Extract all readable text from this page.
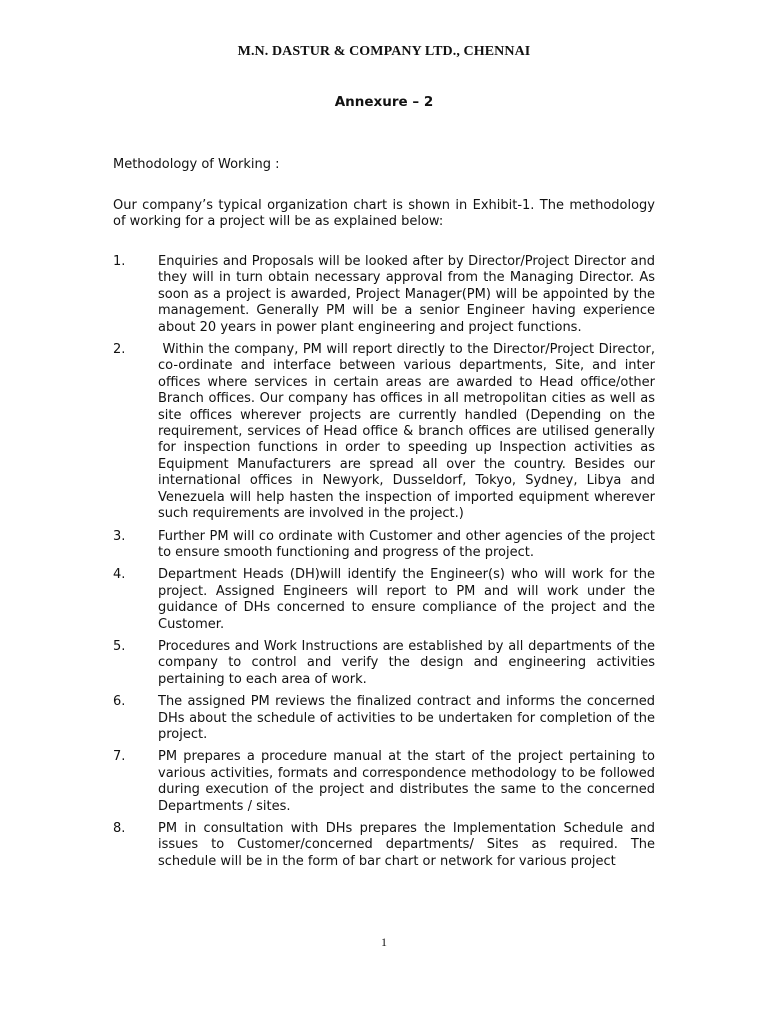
M.N. DASTUR & COMPANY LTD., CHENNAI
Annexure – 2
Methodology of Working :
Our company’s typical organization chart is shown in Exhibit-1. The methodology of working for a project will be as explained below:
1.	Enquiries and Proposals will be looked after by Director/Project Director and they will in turn obtain necessary approval from the Managing Director. As soon as a project is awarded, Project Manager(PM) will be appointed by the management. Generally PM will be a senior Engineer having experience about 20 years in power plant engineering and project functions.
2.	Within the company, PM will report directly to the Director/Project Director, co-ordinate and interface between various departments, Site, and inter offices where services in certain areas are awarded to Head office/other Branch offices. Our company has offices in all metropolitan cities as well as site offices wherever projects are currently handled (Depending on the requirement, services of Head office & branch offices are utilised generally for inspection functions in order to speeding up Inspection activities as Equipment Manufacturers are spread all over the country. Besides our international offices in Newyork, Dusseldorf, Tokyo, Sydney, Libya and Venezuela will help hasten the inspection of imported equipment wherever such requirements are involved in the project.)
3.	Further PM will co ordinate with Customer and other agencies of the project to ensure smooth functioning and progress of the project.
4.	Department Heads (DH)will identify the Engineer(s) who will work for the project. Assigned Engineers will report to PM and will work under the guidance of DHs concerned to ensure compliance of the project and the Customer.
5.	Procedures and Work Instructions are established by all departments of the company to control and verify the design and engineering activities pertaining to each area of work.
6.	The assigned PM reviews the finalized contract and informs the concerned DHs about the schedule of activities to be undertaken for completion of the project.
7.	PM prepares a procedure manual at the start of the project pertaining to various activities, formats and correspondence methodology to be followed during execution of the project and distributes the same to the concerned Departments / sites.
8.	PM in consultation with DHs prepares the Implementation Schedule and issues to Customer/concerned departments/ Sites as required. The schedule will be in the form of bar chart or network for various project
1
